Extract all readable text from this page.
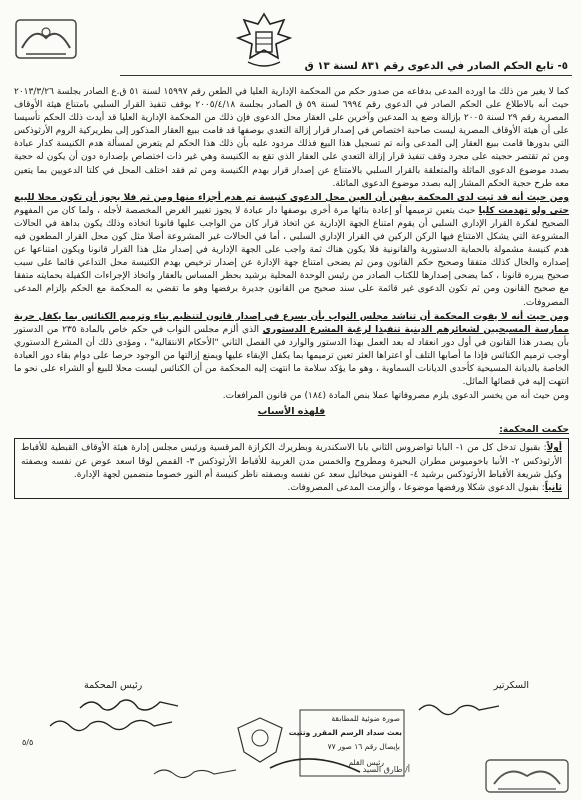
٥- تابع الحكم الصادر في الدعوى رقم ٨٣١ لسنة ١٣ ق

كما لا يغير من ذلك ما اورده المدعى بدفاعه من صدور حكم من المحكمة الإدارية العليا في الطعن رقم ١٥٩٩٧ لسنة ٥١ ق.ع الصادر بجلسة ٢٠١٣/٣/٢٦ حيث أنه بالاطلاع على الحكم الصادر في الدعوى رقم ٦٩٩٤ لسنة ٥٩ ق الصادر بجلسة ٢٠٠٥/٤/١٨ بوقف تنفيذ القرار السلبي بامتناع هيئة الأوقاف المصرية رقم ٢٩ لسنة ٢٠٠٥ بإزالة وضع يد المدعين وآخرين على العقار محل الدعوى فإن ذلك من المحكمة الإدارية العليا قد أيدت ذلك الحكم تأسيسا على أن هيئة الأوقاف المصرية ليست صاحبة اختصاص في إصدار قرار إزالة التعدي بوصفها قد قامت ببيع العقار المذكور إلى بطريركية الروم الأرثوذكس التي بدورها قامت ببيع العقار إلى المدعى وأنه تم تسجيل هذا البيع فذلك مردود عليه بأن ذلك هذا الحكم لم يتعرض لمسألة هدم الكنيسة كدار عبادة ومن ثم تقتصر حجيته على مجرد وقف تنفيذ قرار إزالة التعدي على العقار الذي تقع به الكنيسة وهي غير ذات اختصاص بإصداره دون أن يكون له حجية بصدد موضوع الدعوى الماثلة والمتعلقة بالقرار السلبي بالامتناع عن إصدار قرار بهدم الكنيسة ومن ثم فقد اختلف المحل في كلتا الدعويين بما يتعين معه طرح حجية الحكم المشار إليه بصدد موضوع الدعوى الماثلة.

ومن حيث أنه قد ثبت لدى المحكمة بيقين أن العين محل الدعوى كنيسة تم هدم أجزاء منها ومن ثم فلا يجوز أن تكون محلا للبيع حتى ولو تهدمت كليا حيث يتعين ترميمها أو إعادة بنائها مرة أخرى بوصفها دار عبادة لا يجوز تغيير الغرض المخصصة لأجله ، ولما كان من المفهوم الصحيح لفكرة القرار الإداري السلبي أن يقوم امتناع الجهة الإدارية عن اتخاذ قرار كان من الواجب عليها قانونا اتخاذه وذلك يكون بداهة في الحالات المشروعة التي يشكل الامتناع فيها الركن الركين في القرار الإداري السلبي ، أما في الحالات غير المشروعة أصلا مثل كون محل القرار المطعون فيه هدم كنيسة مشمولة بالحماية الدستورية والقانونية فلا يكون هناك ثمة واجب على الجهة الإدارية في إصدار مثل هذا القرار قانونا ويكون امتناعها عن إصداره والحال كذلك متفقا وصحيح حكم القانون ومن ثم يضحى امتناع جهة الإدارة عن إصدار ترخيص بهدم الكنيسة محل التداعي قائما على سبب صحيح يبرره قانونا ، كما يضحى إصدارها للكتاب الصادر من رئيس الوحدة المحلية برشيد بحظر المساس بالعقار واتخاذ الإجراءات الكفيلة بحمايته متفقا مع صحيح القانون ومن ثم تكون الدعوى غير قائمة على سند صحيح من القانون جديرة برفضها وهو ما تقضي به المحكمة مع الحكم بإلزام المدعى المصروفات.

ومن حيث أنه لا يفوت المحكمة أن تناشد مجلس النواب بأن يسرع في إصدار قانون لتنظيم بناء وترميم الكنائس بما يكفل حرية ممارسة المسيحيين لشعائرهم الدينية تنفيذا لرغبة المشرع الدستوري الذي ألزم مجلس النواب في حكم خاص بالمادة ٢٣٥ من الدستور بأن يصدر هذا القانون في أول دور انعقاد له بعد العمل بهذا الدستور والوارد في الفصل الثاني "الأحكام الانتقالية" ، ومؤدى ذلك أن المشرع الدستوري أوجب ترميم الكنائس فإذا ما أصابها التلف أو اعتراها العثر تعين ترميمها بما يكفل الإبقاء عليها ويمنع إزالتها من الوجود حرصا على دوام بقاء دور العبادة الخاصة بالديانة المسيحية كأحدى الديانات السماوية ، وهو ما يؤكد سلامة ما انتهت إليه المحكمة من أن الكنائس ليست محلا للبيع أو الشراء على نحو ما انتهت إليه في قضائها المائل.

ومن حيث أنه من يخسر الدعوى يلزم مصروفاتها عملا بنص المادة (١٨٤) من قانون المرافعات.

فلهذه الأسباب
حكمت المحكمة:

أولاً: بقبول تدخل كل من ١- البابا تواضروس الثاني بابا الاسكندرية وبطريرك الكرازة المرقسية ورئيس مجلس إدارة هيئة الأوقاف القبطية للأقباط الأرثوذكس ٢- الأنبا باخوميوس مطران البحيرة ومطروح والخمس مدن الغربية للأقباط الأرثوذكس ٣- القمص لوقا اسعد عوض عن نفسه وبصفته وكيل شريعة الأقباط الأرثوذكس برشيد ٤- الفونس ميخائيل سعد عن نفسه وبصفته ناظر كنيسة أم النور خصوما منضمين لجهة الإدارة.

ثانياً: بقبول الدعوى شكلا ورفضها موضوعا ، وألزمت المدعى المصروفات.

السكرتير
رئيس المحكمة
صورة ضوئية للمطابقة
بعث سداد الرسم المقرر وتنيت
بإيصال رقم ١٦ صور ٧٧
رئيس القلم
٥/٥
أ/ طارق السيد
